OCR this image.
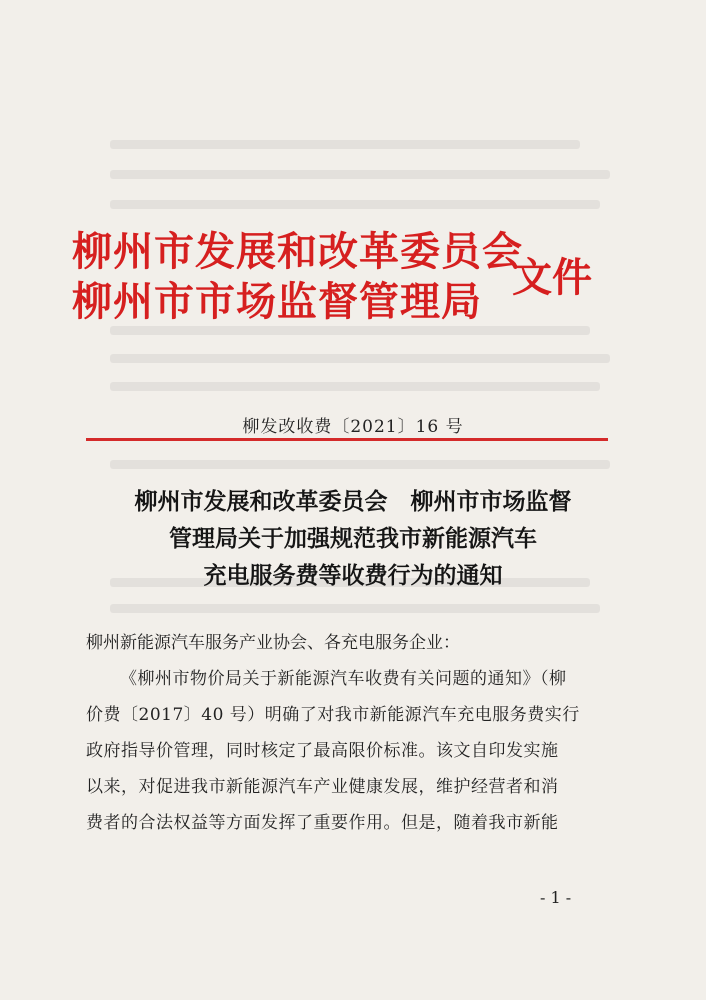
柳州市发展和改革委员会
柳州市市场监督管理局
文件
柳发改收费〔2021〕16 号
柳州市发展和改革委员会　柳州市市场监督
管理局关于加强规范我市新能源汽车
充电服务费等收费行为的通知
柳州新能源汽车服务产业协会、各充电服务企业：
《柳州市物价局关于新能源汽车收费有关问题的通知》（柳
价费〔2017〕40 号）明确了对我市新能源汽车充电服务费实行
政府指导价管理，同时核定了最高限价标准。该文自印发实施
以来，对促进我市新能源汽车产业健康发展，维护经营者和消
费者的合法权益等方面发挥了重要作用。但是，随着我市新能
- 1 -
